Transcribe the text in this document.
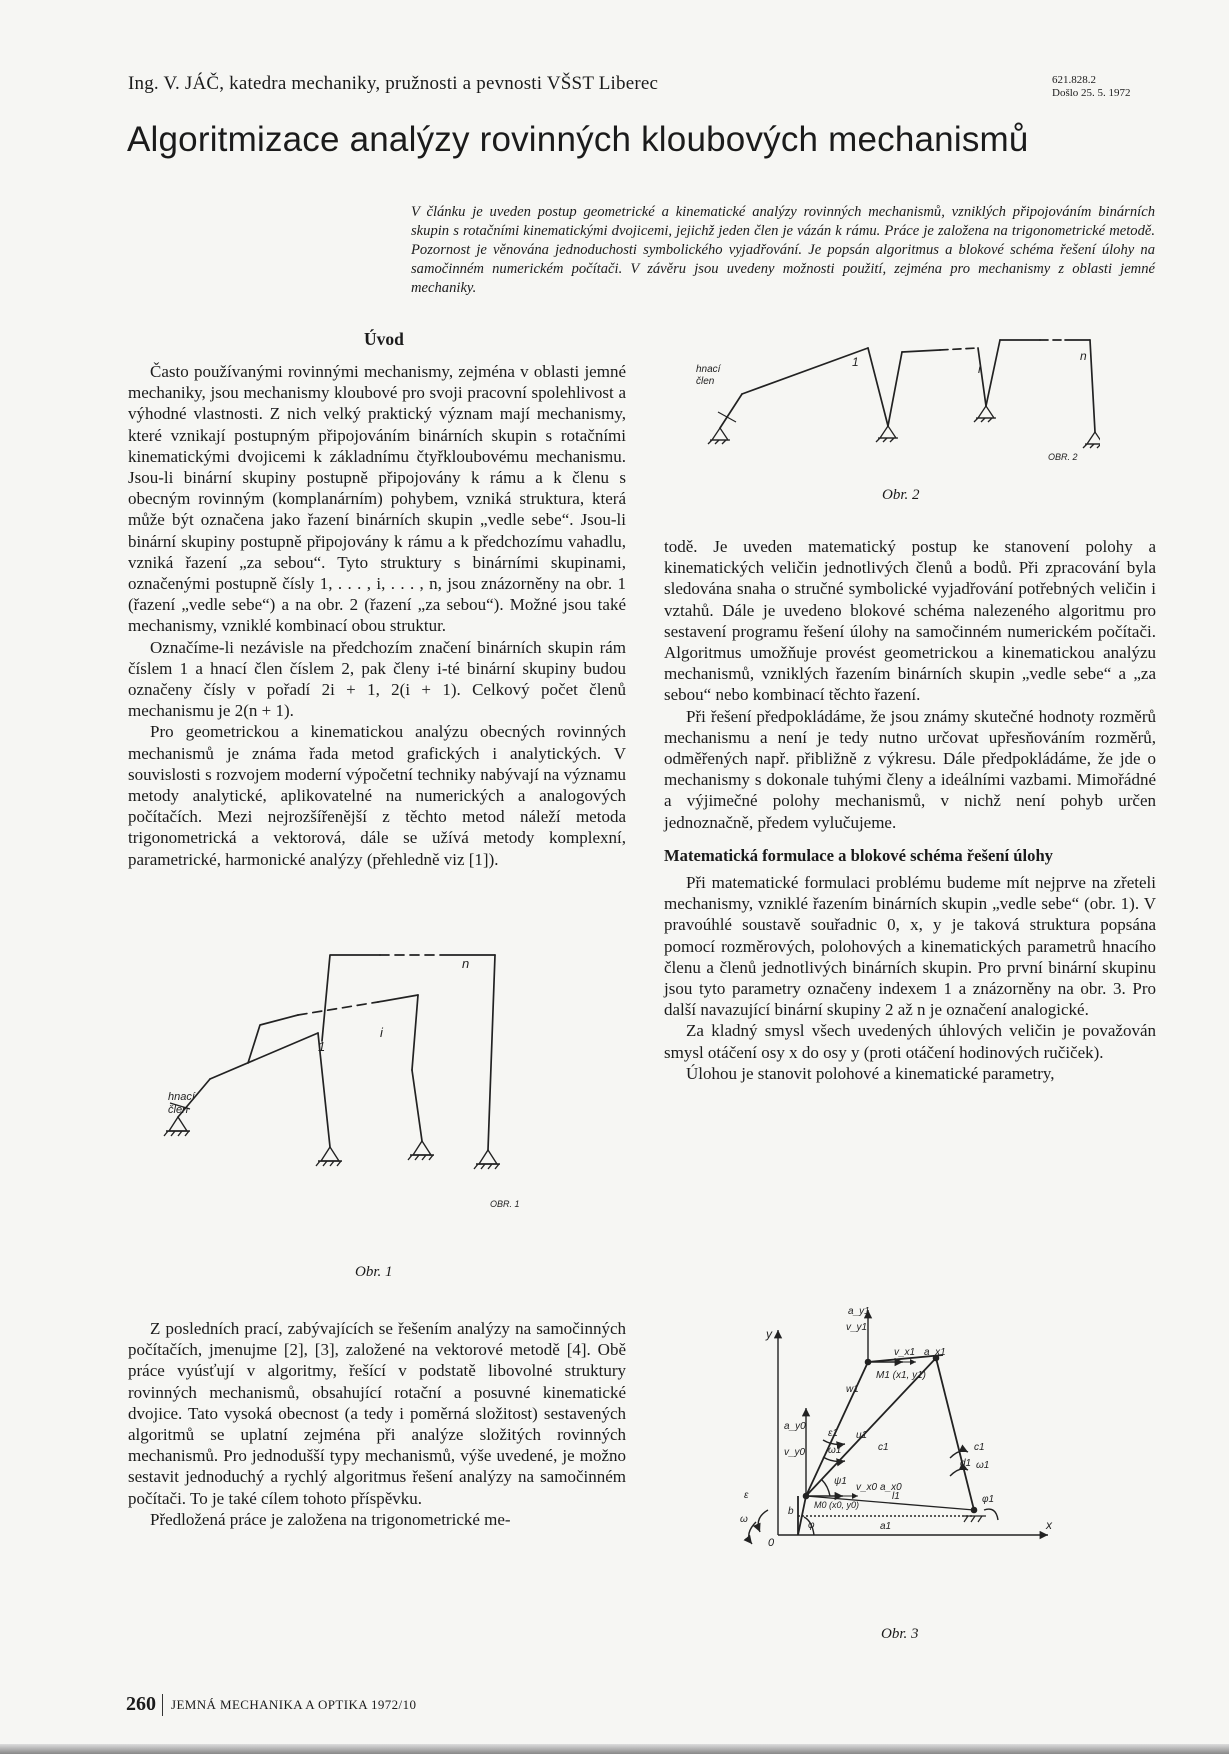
Ing. V. JÁČ, katedra mechaniky, pružnosti a pevnosti VŠST Liberec	621.828.2
Došlo 25. 5. 1972
Algoritmizace analýzy rovinných kloubových mechanismů
V článku je uveden postup geometrické a kinematické analýzy rovinných mechanismů, vzniklých připojováním binárních skupin s rotačními kinematickými dvojicemi, jejichž jeden člen je vázán k rámu. Práce je založena na trigonometrické metodě. Pozornost je věnována jednoduchosti symbolického vyjadřování. Je popsán algoritmus a blokové schéma řešení úlohy na samočinném numerickém počítači. V závěru jsou uvedeny možnosti použití, zejména pro mechanismy z oblasti jemné mechaniky.
Úvod

Často používanými rovinnými mechanismy, zejména v oblasti jemné mechaniky, jsou mechanismy kloubové pro svoji pracovní spolehlivost a výhodné vlastnosti. Z nich velký praktický význam mají mechanismy, které vznikají postupným připojováním binárních skupin s rotačními kinematickými dvojicemi k základnímu čtyřkloubovému mechanismu. Jsou-li binární skupiny postupně připojovány k rámu a k členu s obecným rovinným (komplanárním) pohybem, vzniká struktura, která může být označena jako řazení binárních skupin „vedle sebe“. Jsou-li binární skupiny postupně připojovány k rámu a k předchozímu vahadlu, vzniká řazení „za sebou“. Tyto struktury s binárními skupinami, označenými postupně čísly 1, . . . , i, . . . , n, jsou znázorněny na obr. 1 (řazení „vedle sebe“) a na obr. 2 (řazení „za sebou“). Možné jsou také mechanismy, vzniklé kombinací obou struktur.

Označíme-li nezávisle na předchozím značení binárních skupin rám číslem 1 a hnací člen číslem 2, pak členy i-té binární skupiny budou označeny čísly v pořadí 2i + 1, 2(i + 1). Celkový počet členů mechanismu je 2(n + 1).

Pro geometrickou a kinematickou analýzu obecných rovinných mechanismů je známa řada metod grafických i analytických. V souvislosti s rozvojem moderní výpočetní techniky nabývají na významu metody analytické, aplikovatelné na numerických a analogových počítačích. Mezi nejrozšířenější z těchto metod náleží metoda trigonometrická a vektorová, dále se užívá metody komplexní, parametrické, harmonické analýzy (přehledně viz [1]).

hnací
člen
1
i
n
OBR. 1
Obr. 1

Z posledních prací, zabývajících se řešením analýzy na samočinných počítačích, jmenujme [2], [3], založené na vektorové metodě [4]. Obě práce vyúsťují v algoritmy, řešící v podstatě libovolné struktury rovinných mechanismů, obsahující rotační a posuvné kinematické dvojice. Tato vysoká obecnost (a tedy i poměrná složitost) sestavených algoritmů se uplatní zejména při analýze složitých rovinných mechanismů. Pro jednodušší typy mechanismů, výše uvedené, je možno sestavit jednoduchý a rychlý algoritmus řešení analýzy na samočinném počítači. To je také cílem tohoto příspěvku.

Předložená práce je založena na trigonometrické me-

hnací
člen
1	i
n
OBR. 2
Obr. 2

todě. Je uveden matematický postup ke stanovení polohy a kinematických veličin jednotlivých členů a bodů. Při zpracování byla sledována snaha o stručné symbolické vyjadřování potřebných veličin i vztahů. Dále je uvedeno blokové schéma nalezeného algoritmu pro sestavení programu řešení úlohy na samočinném numerickém počítači. Algoritmus umožňuje provést geometrickou a kinematickou analýzu mechanismů, vzniklých řazením binárních skupin „vedle sebe“ a „za sebou“ nebo kombinací těchto řazení.

Při řešení předpokládáme, že jsou známy skutečné hodnoty rozměrů mechanismu a není je tedy nutno určovat upřesňováním rozměrů, odměřených např. přibližně z výkresu. Dále předpokládáme, že jde o mechanismy s dokonale tuhými členy a ideálními vazbami. Mimořádné a výjimečné polohy mechanismů, v nichž není pohyb určen jednoznačně, předem vylučujeme.

Matematická formulace a blokové schéma řešení úlohy

Při matematické formulaci problému budeme mít nejprve na zřeteli mechanismy, vzniklé řazením binárních skupin „vedle sebe“ (obr. 1). V pravoúhlé soustavě souřadnic 0, x, y je taková struktura popsána pomocí rozměrových, polohových a kinematických parametrů hnacího členu a členů jednotlivých binárních skupin. Pro první binární skupinu jsou tyto parametry označeny indexem 1 a znázorněny na obr. 3. Pro další navazující binární skupiny 2 až n je označení analogické.

Za kladný smysl všech uvedených úhlových veličin je považován smysl otáčení osy x do osy y (proti otáčení hodinových ručiček).

Úlohou je stanovit polohové a kinematické parametry,

y
x
0
a_y1
v_y1
v_x1 a_x1
M1 (x1, y1)
w1
a_y0
v_y0
ε1
ω1
u1
c1
d1
ψ1
v_x0 a_x0
M0 (x0, y0)
l1
a1
b
φ
φ1
ε
ω
c1
ω1
Obr. 3
260 JEMNÁ MECHANIKA A OPTIKA 1972/10
